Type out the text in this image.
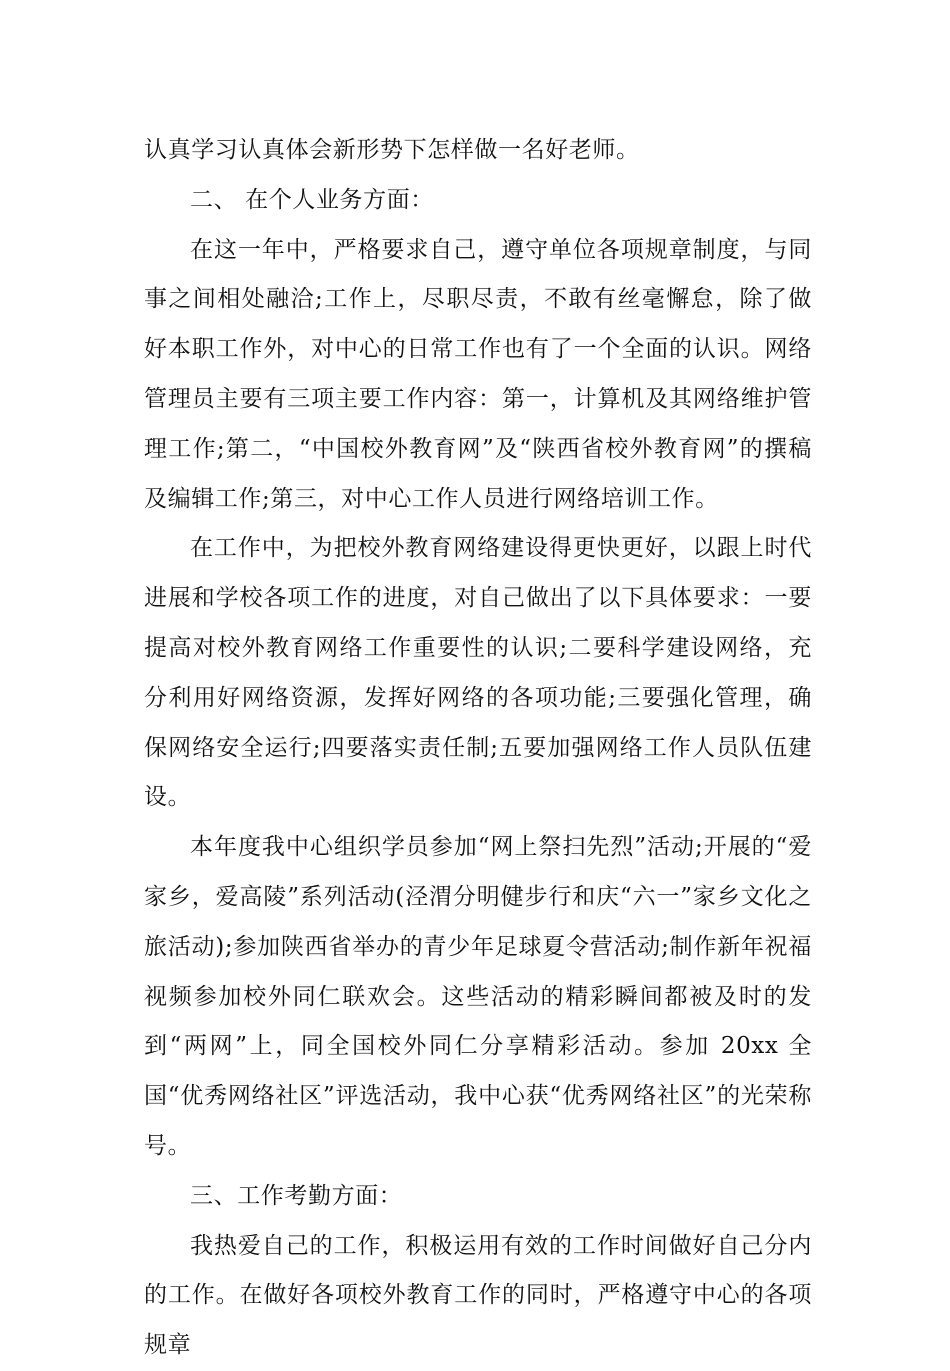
认真学习认真体会新形势下怎样做一名好老师。

二、 在个人业务方面：

在这一年中，严格要求自己，遵守单位各项规章制度，与同事之间相处融洽;工作上，尽职尽责，不敢有丝毫懈怠，除了做好本职工作外，对中心的日常工作也有了一个全面的认识。网络管理员主要有三项主要工作内容：第一，计算机及其网络维护管理工作;第二，“中国校外教育网”及“陕西省校外教育网”的撰稿及编辑工作;第三，对中心工作人员进行网络培训工作。

在工作中，为把校外教育网络建设得更快更好，以跟上时代进展和学校各项工作的进度，对自己做出了以下具体要求：一要提高对校外教育网络工作重要性的认识;二要科学建设网络，充分利用好网络资源，发挥好网络的各项功能;三要强化管理，确保网络安全运行;四要落实责任制;五要加强网络工作人员队伍建设。

本年度我中心组织学员参加“网上祭扫先烈”活动;开展的“爱家乡，爱高陵”系列活动(泾渭分明健步行和庆“六一”家乡文化之旅活动);参加陕西省举办的青少年足球夏令营活动;制作新年祝福视频参加校外同仁联欢会。这些活动的精彩瞬间都被及时的发到“两网”上，同全国校外同仁分享精彩活动。参加 20xx 全国“优秀网络社区”评选活动，我中心获“优秀网络社区”的光荣称号。

三、工作考勤方面：

我热爱自己的工作，积极运用有效的工作时间做好自己分内的工作。在做好各项校外教育工作的同时，严格遵守中心的各项规章
